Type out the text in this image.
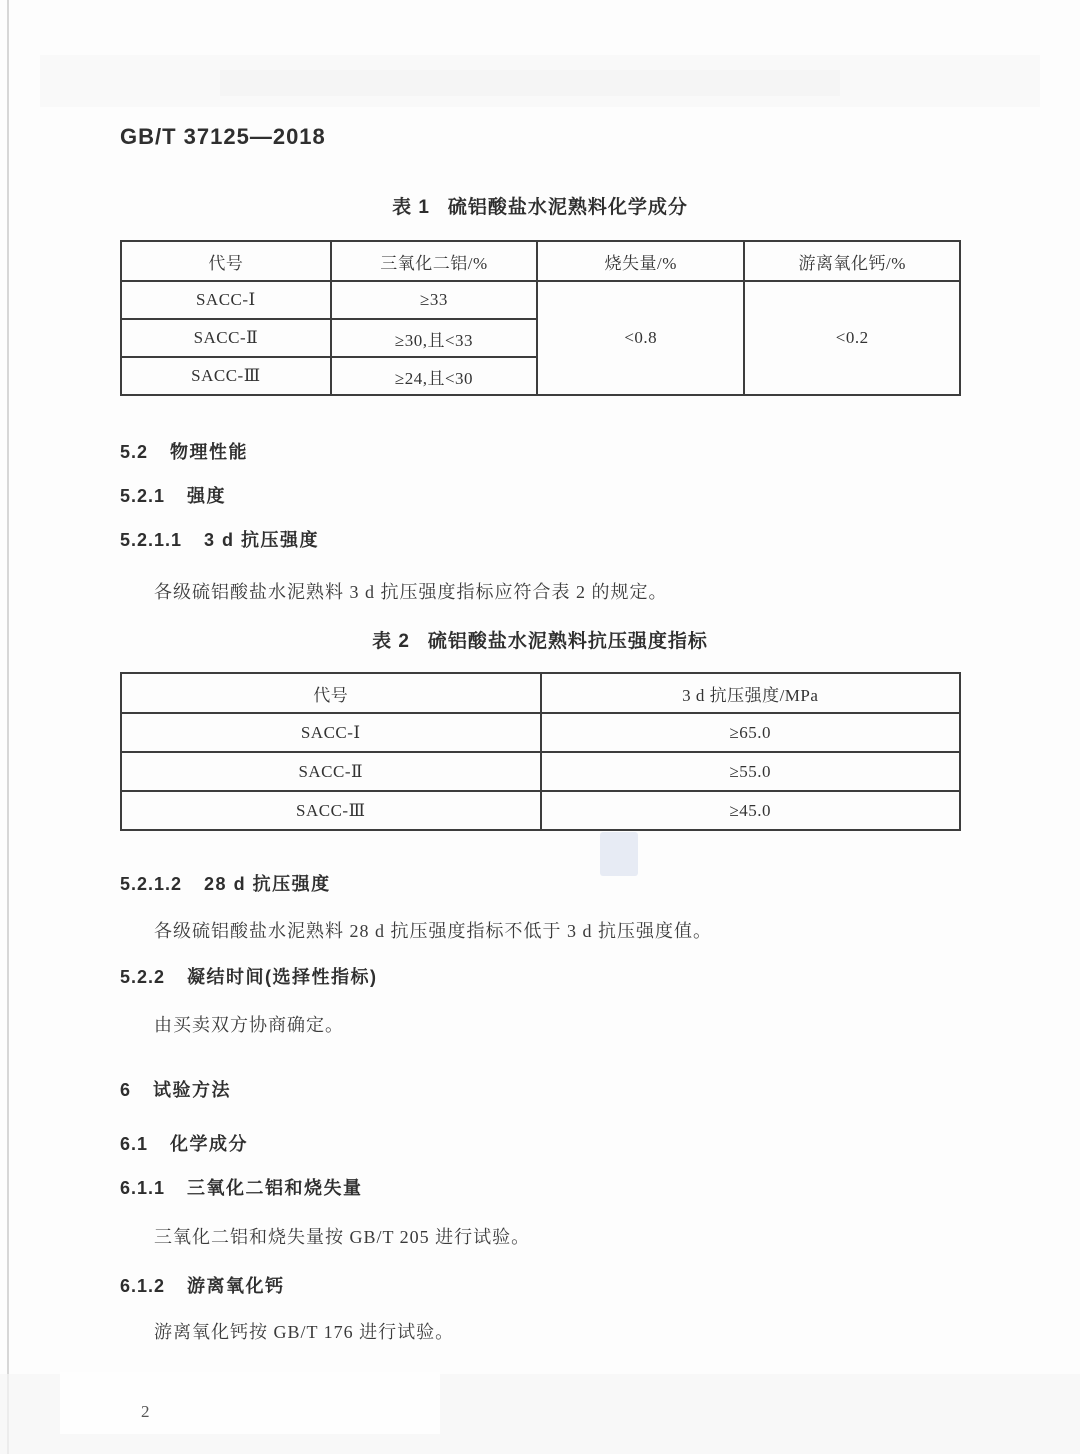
GB/T 37125—2018
表 1 硫铝酸盐水泥熟料化学成分
代号	三氧化二铝/%	烧失量/%	游离氧化钙/%
SACC-Ⅰ	≥33	<0.8	<0.2
SACC-Ⅱ	≥30,且<33		
SACC-Ⅲ	≥24,且<30		
5.2 物理性能
5.2.1 强度
5.2.1.1 3 d 抗压强度
各级硫铝酸盐水泥熟料 3 d 抗压强度指标应符合表 2 的规定。
表 2 硫铝酸盐水泥熟料抗压强度指标
代号	3 d 抗压强度/MPa
SACC-Ⅰ	≥65.0
SACC-Ⅱ	≥55.0
SACC-Ⅲ	≥45.0
5.2.1.2 28 d 抗压强度
各级硫铝酸盐水泥熟料 28 d 抗压强度指标不低于 3 d 抗压强度值。
5.2.2 凝结时间(选择性指标)
由买卖双方协商确定。
6 试验方法
6.1 化学成分
6.1.1 三氧化二铝和烧失量
三氧化二铝和烧失量按 GB/T 205 进行试验。
6.1.2 游离氧化钙
游离氧化钙按 GB/T 176 进行试验。
2
